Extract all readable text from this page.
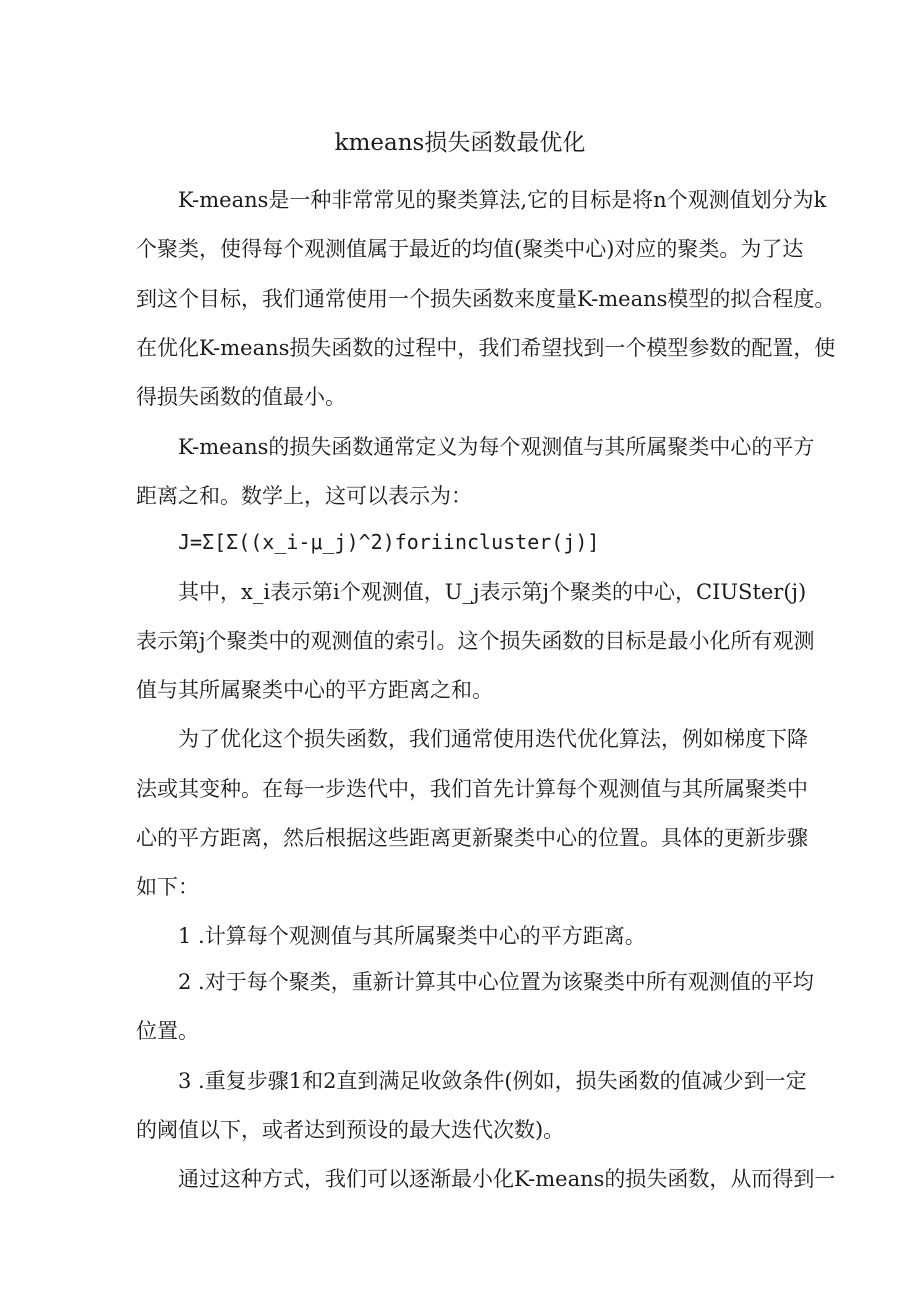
kmeans损失函数最优化
K-means是一种非常常见的聚类算法,它的目标是将n个观测值划分为k
个聚类，使得每个观测值属于最近的均值(聚类中心)对应的聚类。为了达
到这个目标，我们通常使用一个损失函数来度量K-means模型的拟合程度。
在优化K-means损失函数的过程中，我们希望找到一个模型参数的配置，使
得损失函数的值最小。
K-means的损失函数通常定义为每个观测值与其所属聚类中心的平方
距离之和。数学上，这可以表示为：
J=Σ[Σ((x_i-μ_j)^2)foriincluster(j)]
其中，x_i表示第i个观测值，U_j表示第j个聚类的中心，CIUSter(j)
表示第j个聚类中的观测值的索引。这个损失函数的目标是最小化所有观测
值与其所属聚类中心的平方距离之和。
为了优化这个损失函数，我们通常使用迭代优化算法，例如梯度下降
法或其变种。在每一步迭代中，我们首先计算每个观测值与其所属聚类中
心的平方距离，然后根据这些距离更新聚类中心的位置。具体的更新步骤
如下：
1 .计算每个观测值与其所属聚类中心的平方距离。
2 .对于每个聚类，重新计算其中心位置为该聚类中所有观测值的平均
位置。
3 .重复步骤1和2直到满足收敛条件(例如，损失函数的值减少到一定
的阈值以下，或者达到预设的最大迭代次数)。
通过这种方式，我们可以逐渐最小化K-means的损失函数，从而得到一
